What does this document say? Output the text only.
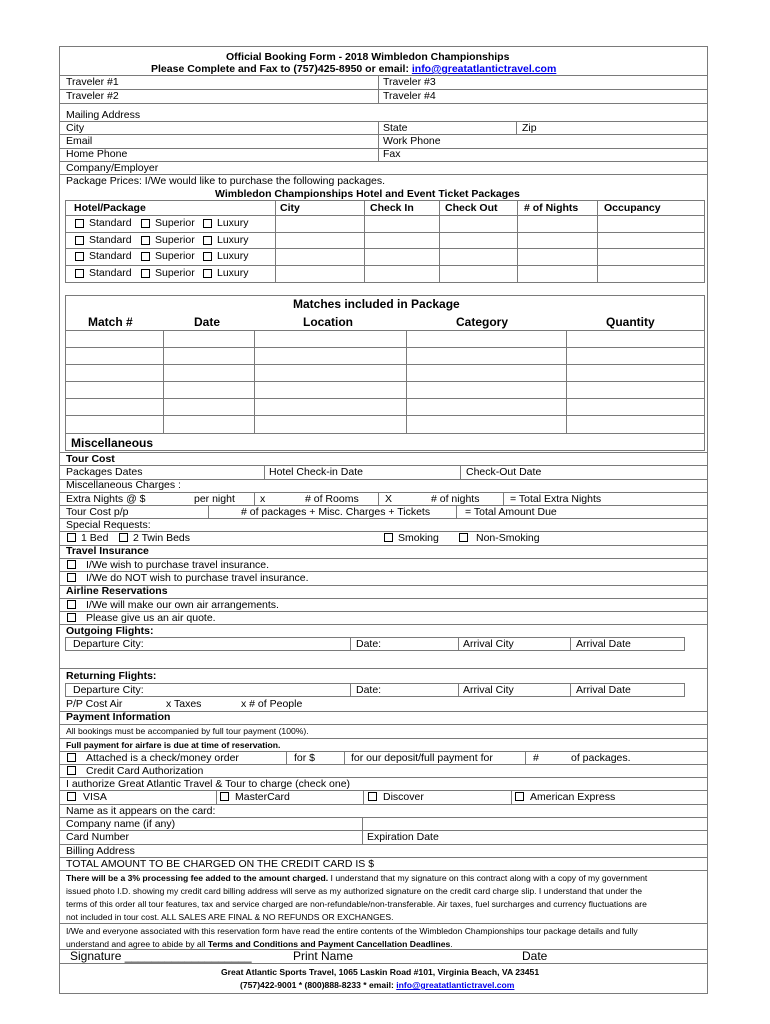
Official Booking Form - 2018 Wimbledon Championships
Please Complete and Fax to (757)425-8950 or email: info@greatatlantictravel.com
Traveler #1	Traveler #3
Traveler #2	Traveler #4
Mailing Address
City	State	Zip
Email	Work Phone
Home Phone	Fax
Company/Employer
Package Prices: I/We would like to purchase the following packages.
Wimbledon Championships Hotel and Event Ticket Packages
Hotel/Package	City	Check In	Check Out	# of Nights Occupancy
Standard Superior Luxury
Standard Superior Luxury
Standard Superior Luxury
Standard Superior Luxury
Matches included in Package
Match #	Date	Location	Category	Quantity
Miscellaneous
Tour Cost
Packages Dates	Hotel Check-in Date	Check-Out Date
Miscellaneous Charges :
Extra Nights @ $	per night x	# of Rooms	X	# of nights	= Total Extra Nights
Tour Cost p/p	# of packages + Misc. Charges + Tickets	= Total Amount Due
Special Requests:
1 Bed 2 Twin Beds	Smoking	Non-Smoking
Travel Insurance
I/We wish to purchase travel insurance.
I/We do NOT wish to purchase travel insurance.
Airline Reservations
I/We will make our own air arrangements.
Please give us an air quote.
Outgoing Flights:
Departure City:	Date:	Arrival City	Arrival Date
Returning Flights:
Departure City:	Date:	Arrival City	Arrival Date
P/P Cost Air	x Taxes	x # of People
Payment Information
All bookings must be accompanied by full tour payment (100%).
Full payment for airfare is due at time of reservation.
Attached is a check/money order	for $	for our deposit/full payment for	#	of packages.
Credit Card Authorization
I authorize Great Atlantic Travel & Tour to charge (check one)
VISA	MasterCard	Discover	American Express
Name as it appears on the card:
Company name (if any)
Card Number	Expiration Date
Billing Address
TOTAL AMOUNT TO BE CHARGED ON THE CREDIT CARD IS $
There will be a 3% processing fee added to the amount charged. I understand that my signature on this contract along with a copy of my government
issued photo I.D. showing my credit card billing address will serve as my authorized signature on the credit card charge slip. I understand that under the
terms of this order all tour features, tax and service charged are non-refundable/non-transferable. Air taxes, fuel surcharges and currency fluctuations are
not included in tour cost. ALL SALES ARE FINAL & NO REFUNDS OR EXCHANGES.
I/We and everyone associated with this reservation form have read the entire contents of the Wimbledon Championships tour package details and fully
understand and agree to abide by all Terms and Conditions and Payment Cancellation Deadlines.
Signature ___________________	Print Name	Date
Great Atlantic Sports Travel, 1065 Laskin Road #101, Virginia Beach, VA 23451
(757)422-9001 * (800)888-8233 * email: info@greatatlantictravel.com
